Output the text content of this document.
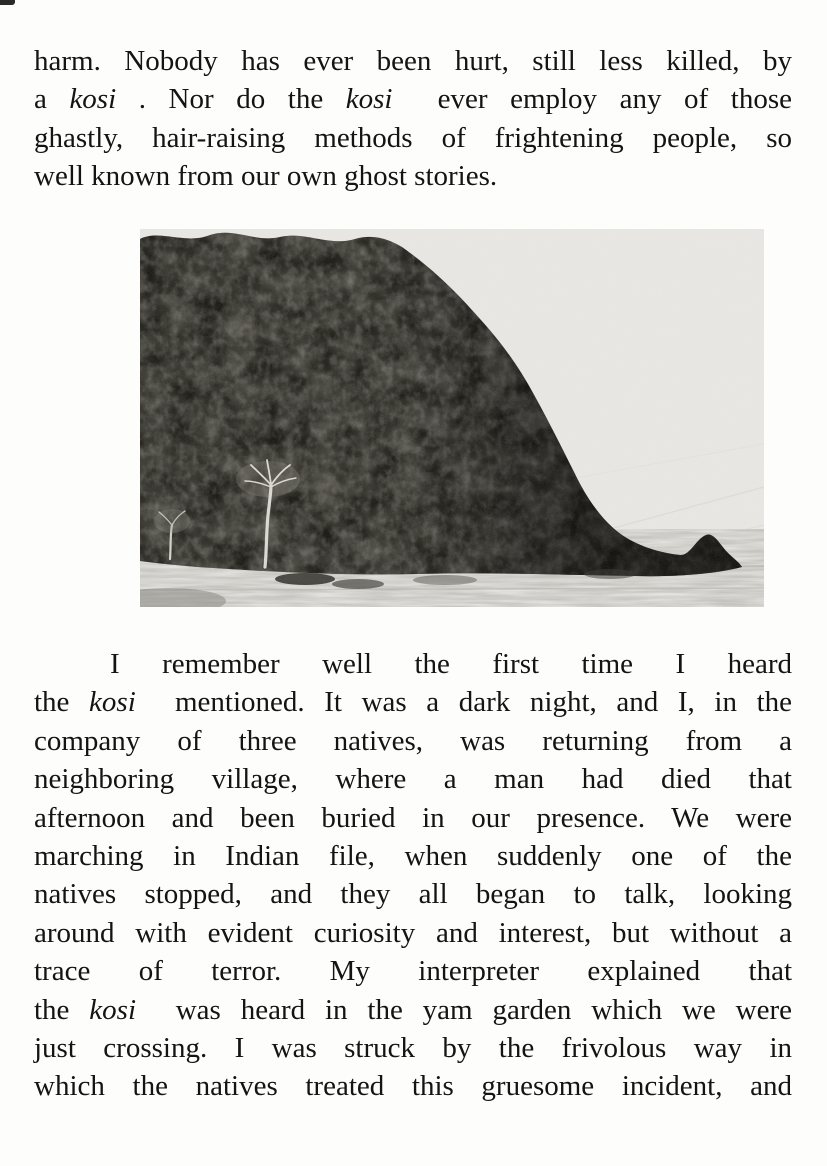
harm. Nobody has ever been hurt, still less killed, by
a kosi . Nor do the kosi  ever employ any of those
ghastly, hair-raising methods of frightening people, so
well known from our own ghost stories.
I remember well the first time I heard
the kosi  mentioned. It was a dark night, and I, in the
company of three natives, was returning from a
neighboring village, where a man had died that
afternoon and been buried in our presence. We were
marching in Indian file, when suddenly one of the
natives stopped, and they all began to talk, looking
around with evident curiosity and interest, but without a
trace of terror. My interpreter explained that
the kosi  was heard in the yam garden which we were
just crossing. I was struck by the frivolous way in
which the natives treated this gruesome incident, and
